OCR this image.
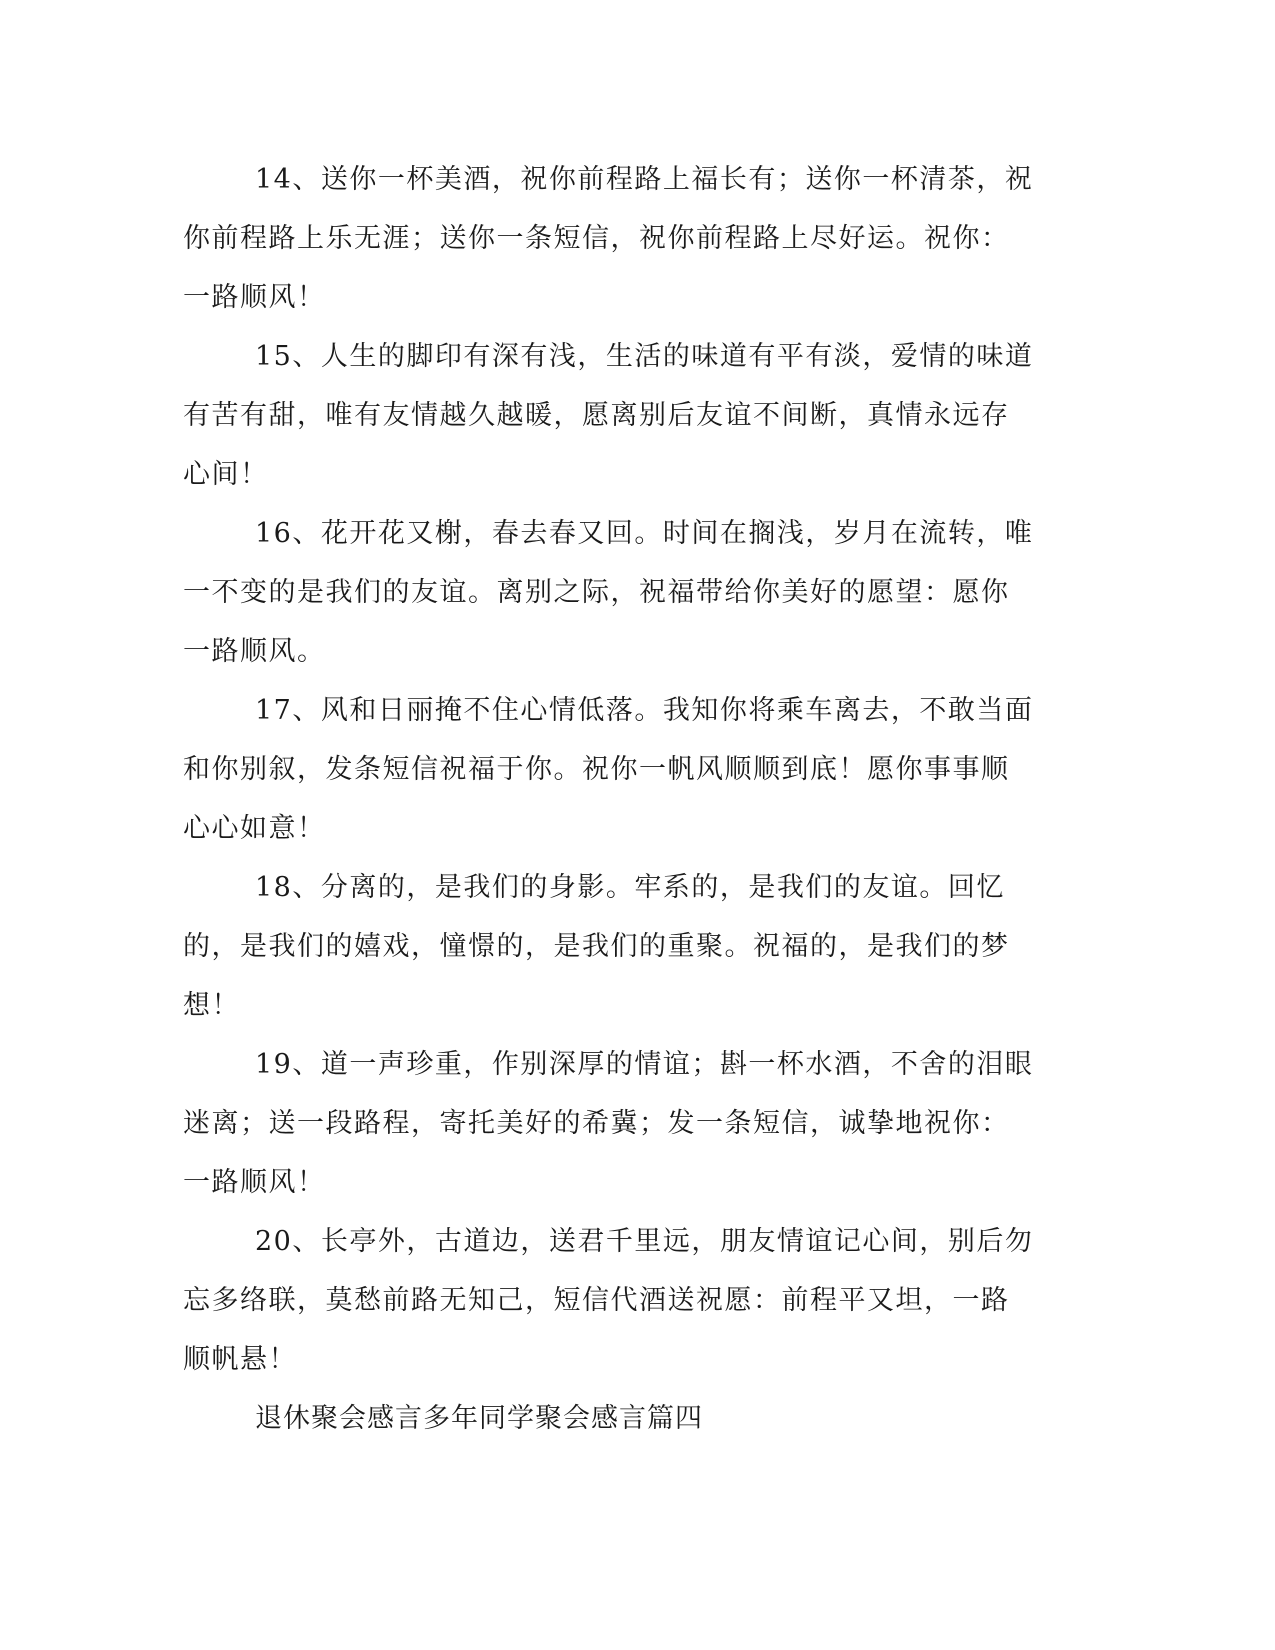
14、送你一杯美酒，祝你前程路上福长有；送你一杯清茶，祝你前程路上乐无涯；送你一条短信，祝你前程路上尽好运。祝你：一路顺风！

15、人生的脚印有深有浅，生活的味道有平有淡，爱情的味道有苦有甜，唯有友情越久越暖，愿离别后友谊不间断，真情永远存心间！

16、花开花又榭，春去春又回。时间在搁浅，岁月在流转，唯一不变的是我们的友谊。离别之际，祝福带给你美好的愿望：愿你一路顺风。

17、风和日丽掩不住心情低落。我知你将乘车离去，不敢当面和你别叙，发条短信祝福于你。祝你一帆风顺顺到底！愿你事事顺心心如意！

18、分离的，是我们的身影。牢系的，是我们的友谊。回忆的，是我们的嬉戏，憧憬的，是我们的重聚。祝福的，是我们的梦想！

19、道一声珍重，作别深厚的情谊；斟一杯水酒，不舍的泪眼迷离；送一段路程，寄托美好的希冀；发一条短信，诚挚地祝你：一路顺风！

20、长亭外，古道边，送君千里远，朋友情谊记心间，别后勿忘多络联，莫愁前路无知己，短信代酒送祝愿：前程平又坦，一路顺帆悬！

退休聚会感言多年同学聚会感言篇四
